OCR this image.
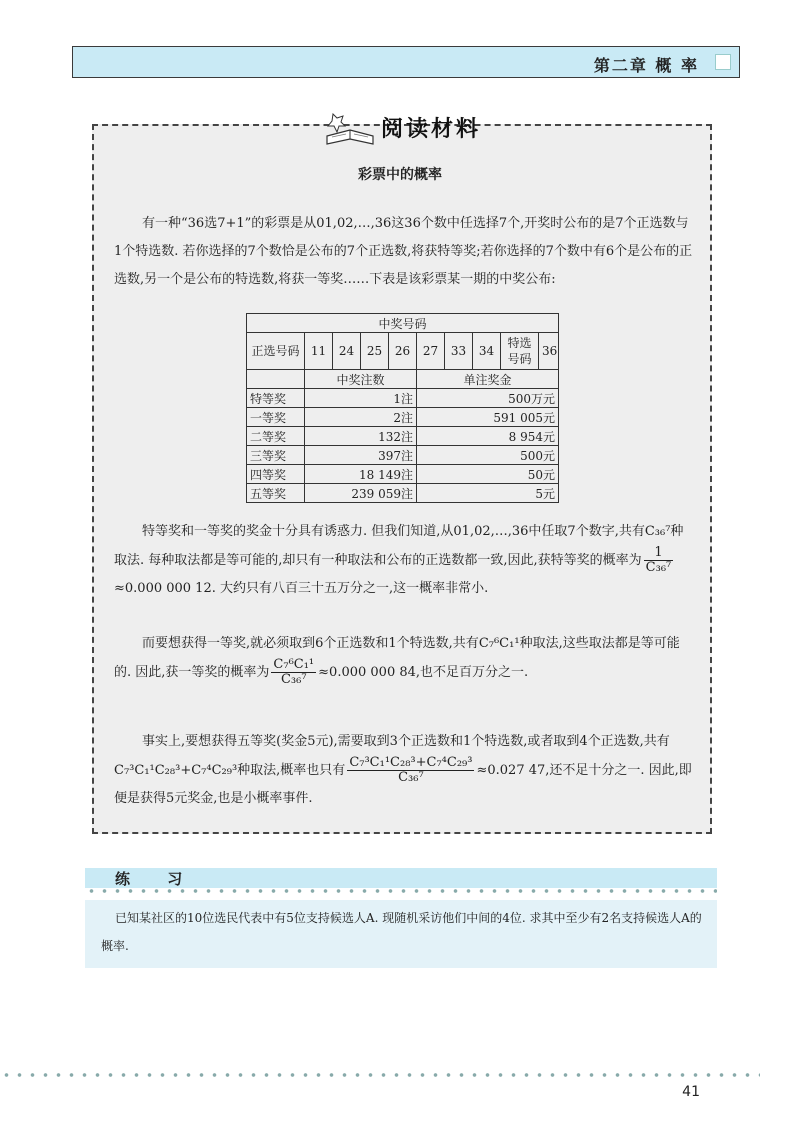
第二章 概 率
阅读材料
彩票中的概率

有一种“36选7+1”的彩票是从01,02,…,36这36个数中任选择7个,开奖时公布的是7个正选数与1个特选数. 若你选择的7个数恰是公布的7个正选数,将获特等奖;若你选择的7个数中有6个是公布的正选数,另一个是公布的特选数,将获一等奖……下表是该彩票某一期的中奖公布:

中奖号码									
正选号码	11	24	25	26	27	33	34	特选号码	36
	中奖注数				单注奖金				
特等奖	1注				500万元				
一等奖	2注				591 005元				
二等奖	132注				8 954元				
三等奖	397注				500元				
四等奖	18 149注				50元				
五等奖	239 059注				5元				

特等奖和一等奖的奖金十分具有诱惑力. 但我们知道,从01,02,…,36中任取7个数字,共有C₃₆⁷种取法. 每种取法都是等可能的,却只有一种取法和公布的正选数都一致,因此,获特等奖的概率为 $\frac{1}{\text{C₃₆⁷}}$
≈0.000 000 12. 大约只有八百三十五万分之一,这一概率非常小.

而要想获得一等奖,就必须取到6个正选数和1个特选数,共有C₇⁶C₁¹种取法,这些取法都是等可能的. 因此,获一等奖的概率为 $\frac{\text{C₇⁶C₁¹}}{\text{C₃₆⁷}} \approx 0.000$ 000 84,也不足百万分之一.

事实上,要想获得五等奖(奖金5元),需要取到3个正选数和1个特选数,或者取到4个正选数,共有C₇³C₁¹C₂₈³+C₇⁴C₂₉³种取法,概率也只有 $\frac{\text{C₇³C₁¹C₂₈³+C₇⁴C₂₉³}}{\text{C₃₆⁷}} \approx 0.027$ 47,还不足十分之一. 因此,即便是获得5元奖金,也是小概率事件.

练 习

已知某社区的10位选民代表中有5位支持候选人A. 现随机采访他们中间的4位. 求其中至少有2名支持候选人A的概率.

41
